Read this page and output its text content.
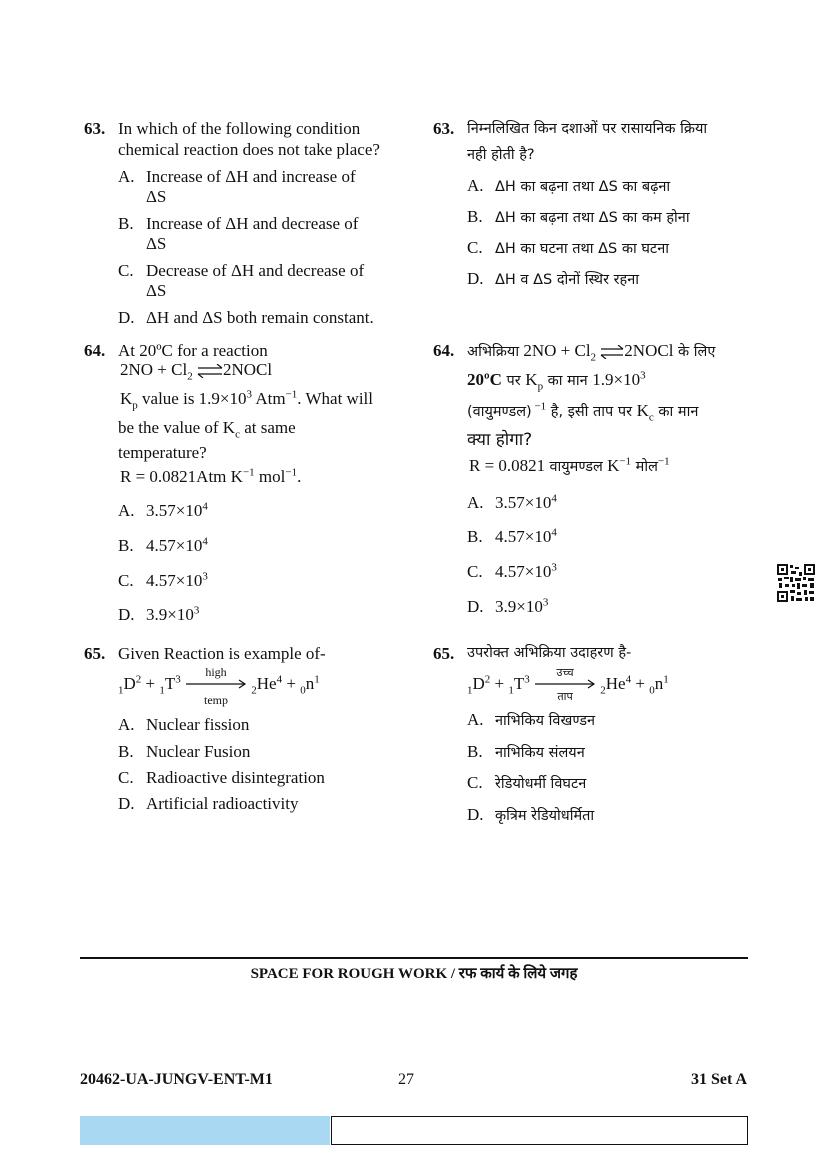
63. In which of the following condition
chemical reaction does not take place?
A. Increase of ΔH and increase of
ΔS
B. Increase of ΔH and decrease of
ΔS
C. Decrease of ΔH and decrease of
ΔS
D. ΔH and ΔS both remain constant.
63. निम्नलिखित किन दशाओं पर रासायनिक क्रिया
नही होती है?
A. ΔH का बढ़ना तथा ΔS का बढ़ना
B. ΔH का बढ़ना तथा ΔS का कम होना
C. ΔH का घटना तथा ΔS का घटना
D. ΔH व ΔS दोनों स्थिर रहना
64. At 20ºC for a reaction
$2NO + Cl_2$ ⇌2NOCl
$K_p$ value is $1.9\times 10^3$ Atm$^{-1}$. What will
be the value of $K_c$ at same
temperature?
R = 0.0821Atm $K^{-1}$ mol$^{-1}$.
A. $3.57\times 10^4$
B. $4.57\times 10^4$
C. $4.57\times 10^3$
D. $3.9\times 10^3$
64. अभिक्रिया $2NO + Cl_2$ ⇌2NOCl के लिए
20ºC पर $K_p$ का मान $1.9\times 10^3$
(वायुमण्डल) $^{-1}$ है, इसी ताप पर $K_c$ का मान
क्या होगा?
R = 0.0821 वायुमण्डल $K^{-1}$ मोल$^{-1}$
A. $3.57\times 10^4$
B. $4.57\times 10^4$
C. $4.57\times 10^3$
D. $3.9\times 10^3$
65. Given Reaction is example of-
$_1D^2 + _1T^3$
high
temp
$_2He^4 + _0n^1$
A. Nuclear fission
B. Nuclear Fusion
C. Radioactive disintegration
D. Artificial radioactivity
65. उपरोक्त अभिक्रिया उदाहरण है-
$_1D^2 + _1T^3$
उच्च
ताप	$_2He^4 + _0n^1$
A. नाभिकिय विखण्डन
B. नाभिकिय संलयन
C. रेडियोधर्मी विघटन
D. कृत्रिम रेडियोधर्मिता
SPACE FOR ROUGH WORK / रफ कार्य के लिये जगह
20462-UA-JUNGV-ENT-M1	27	31 Set A
